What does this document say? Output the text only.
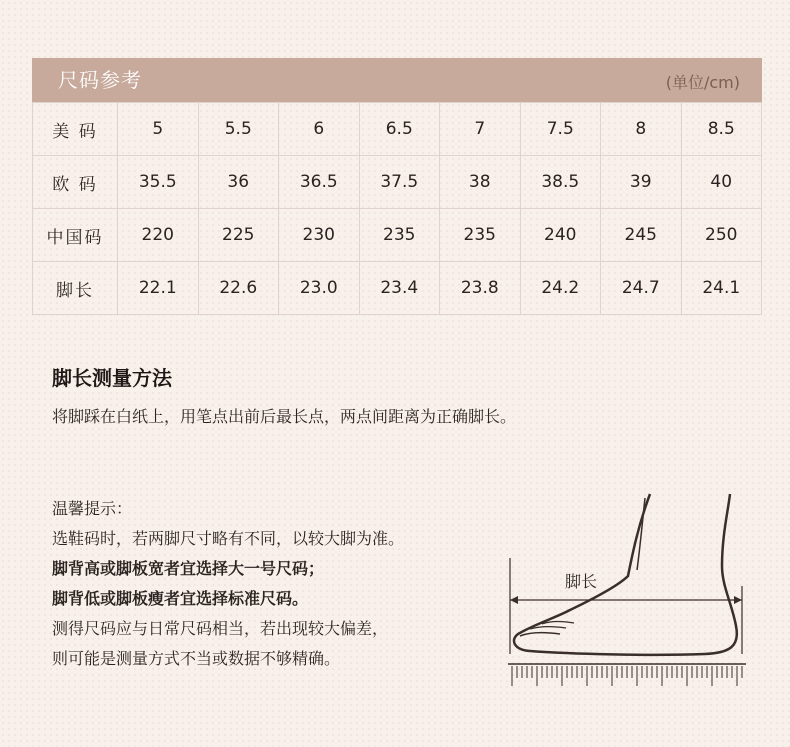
尺码参考	(单位/cm)
美 码	5	5.5	6	6.5	7	7.5	8	8.5
欧 码	35.5	36	36.5	37.5	38	38.5	39	40
中国码	220	225	230	235	235	240	245	250
脚长	22.1	22.6	23.0	23.4	23.8	24.2	24.7	24.1
脚长测量方法
将脚踩在白纸上，用笔点出前后最长点，两点间距离为正确脚长。
温馨提示：
选鞋码时，若两脚尺寸略有不同，以较大脚为准。
脚背高或脚板宽者宜选择大一号尺码；
脚背低或脚板瘦者宜选择标准尺码。
测得尺码应与日常尺码相当，若出现较大偏差，
则可能是测量方式不当或数据不够精确。
脚长
